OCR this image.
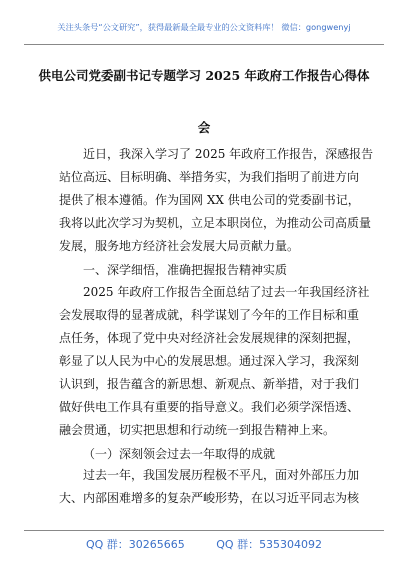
关注头条号“公文研究”，获得最新最全最专业的公文资料库！ 微信：gongwenyj
供电公司党委副书记专题学习 2025 年政府工作报告心得体
会
近日，我深入学习了 2025 年政府工作报告，深感报告
站位高远、目标明确、举措务实，为我们指明了前进方向
提供了根本遵循。作为国网 XX 供电公司的党委副书记，
我将以此次学习为契机，立足本职岗位，为推动公司高质量
发展，服务地方经济社会发展大局贡献力量。
一、深学细悟，准确把握报告精神实质
2025 年政府工作报告全面总结了过去一年我国经济社
会发展取得的显著成就，科学谋划了今年的工作目标和重
点任务，体现了党中央对经济社会发展规律的深刻把握，
彰显了以人民为中心的发展思想。通过深入学习，我深刻
认识到，报告蕴含的新思想、新观点、新举措，对于我们
做好供电工作具有重要的指导意义。我们必须学深悟透、
融会贯通，切实把思想和行动统一到报告精神上来。
（一）深刻领会过去一年取得的成就
过去一年，我国发展历程极不平凡，面对外部压力加
大、内部困难增多的复杂严峻形势，在以习近平同志为核
QQ 群：30265665	QQ 群：535304092
